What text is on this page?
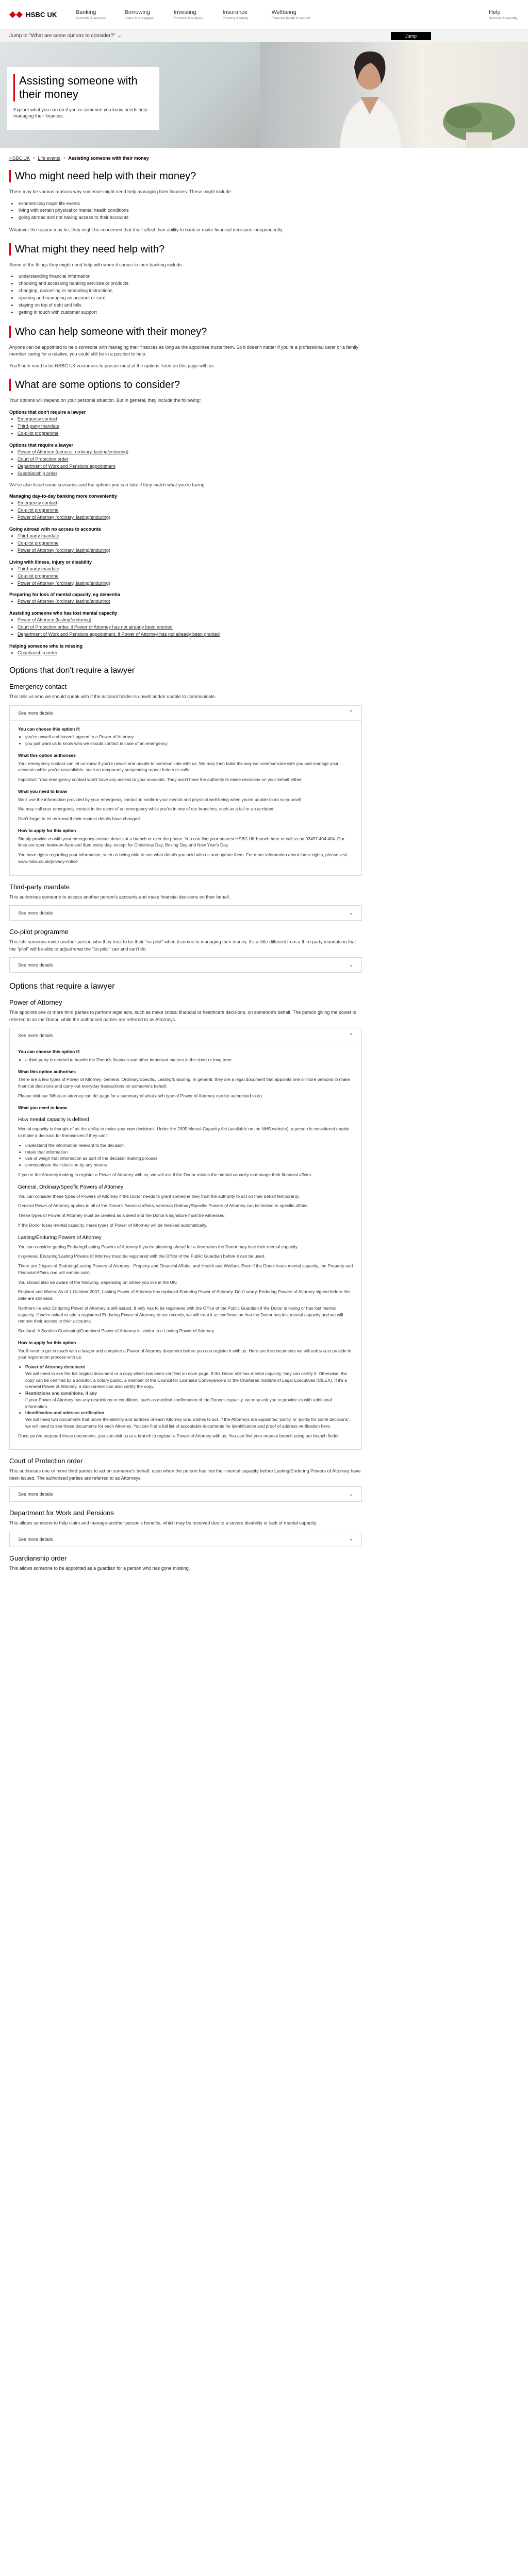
HSBC UK	Banking
Accounts & services
Borrowing
Loans & mortgages
Investing
Products & analysis
Insurance
Property & family
Wellbeing
Financial health & support
Help
Services & security
Jump to "What are some options to consider?" ⌄	Jump
Assisting someone with their money

Explore what you can do if you or someone you know needs help managing their finances.

HSBC UK › Life events › Assisting someone with their money
Who might need help with their money?

There may be various reasons why someone might need help managing their finances. These might include:

• experiencing major life events
• living with certain physical or mental health conditions
• going abroad and not having access to their accounts

Whatever the reason may be, they might be concerned that it will affect their ability to bank or make financial decisions independently.

What might they need help with?

Some of the things they might need help with when it comes to their banking include:

• understanding financial information
• choosing and accessing banking services or products
• changing, cancelling or amending instructions
• opening and managing an account or card
• staying on top of debt and bills
• getting in touch with customer support
Who can help someone with their money?

Anyone can be appointed to help someone with managing their finances as long as the appointee trusts them. So it doesn't matter if you're a professional carer or a family member caring for a relative, you could still be in a position to help.

You'll both need to be HSBC UK customers to pursue most of the options listed on this page with us.

What are some options to consider?

Your options will depend on your personal situation. But in general, they include the following:

Options that don't require a lawyer
• Emergency contact
• Third-party mandate
• Co-pilot programme
Options that require a lawyer
• Power of Attorney (general, ordinary, lasting/enduring)
• Court of Protection order
• Department of Work and Pensions appointment
• Guardianship order

We've also listed some scenarios and the options you can take if they match what you're facing:

Managing day-to-day banking more conveniently
• Emergency contact
• Co-pilot programme
• Power of Attorney (ordinary, lasting/enduring)
Going abroad with no access to accounts
• Third-party mandate
• Co-pilot programme
• Power of Attorney (ordinary, lasting/enduring)
Living with illness, injury or disability
• Third-party mandate
• Co-pilot programme
• Power of Attorney (ordinary, lasting/enduring)
Preparing for loss of mental capacity, eg dementia
• Power of Attorney (ordinary, lasting/enduring)
Assisting someone who has lost mental capacity
• Power of Attorney (lasting/enduring)
• Court of Protection order, if Power of Attorney has not already been granted
• Department of Work and Pensions appointment, if Power of Attorney has not already been granted
Helping someone who is missing
• Guardianship order
Options that don't require a lawyer
Emergency contact

This tells us who we should speak with if the account holder is unwell and/or unable to communicate.

See more details	⌃
You can choose this option if:
• you're unwell and haven't agreed to a Power of Attorney
• you just want us to know who we should contact in case of an emergency
What this option authorises

Your emergency contact can let us know if you're unwell and unable to communicate with us. We may then tailor the way we communicate with you and manage your accounts while you're unavailable, such as temporarily suspending repeat letters or calls.

Important: Your emergency contact won't have any access to your accounts. They won't have the authority to make decisions on your behalf either.

What you need to know

We'll use the information provided by your emergency contact to confirm your mental and physical well-being when you're unable to do so yourself.

We may call your emergency contact in the event of an emergency while you're in one of our branches, such as a fall or an accident.

Don't forget to let us know if their contact details have changed.

How to apply for this option

Simply provide us with your emergency contact details at a branch or over the phone. You can find your nearest HSBC UK branch here or call us on 03457 404 404. Our lines are open between 8am and 8pm every day, except for Christmas Day, Boxing Day and New Year's Day.

You have rights regarding your information, such as being able to see what details you hold with us and update them. For more information about these rights, please visit www.hsbc.co.uk/privacy-notice

Third-party mandate

This authorises someone to access another person's accounts and make financial decisions on their behalf.

See more details	⌄
Co-pilot programme

This lets someone invite another person who they trust to be their "co-pilot" when it comes to managing their money. It's a little different from a third-party mandate in that the "pilot" will be able to adjust what the "co-pilot" can and can't do.

See more details	⌄
Options that require a lawyer
Power of Attorney

This appoints one or more third parties to perform legal acts, such as make critical financial or healthcare decisions, on someone's behalf. The person giving the power is referred to as the Donor, while the authorised parties are referred to as Attorneys.

See more details	⌃
You can choose this option if:
• a third party is needed to handle the Donor's finances and other important matters in the short or long term
What this option authorises

There are a few types of Power of Attorney: General, Ordinary/Specific, Lasting/Enduring. In general, they are a legal document that appoints one or more persons to make financial decisions and carry out everyday transactions on someone's behalf.

Please visit our 'What an attorney can do' page for a summary of what each type of Power of Attorney can be authorised to do.

What you need to know
How mental capacity is defined

Mental capacity is thought of as the ability to make your own decisions. Under the 2005 Mental Capacity Act (available on the NHS website), a person is considered unable to make a decision for themselves if they can't:

• understand the information relevant to the decision
• retain that information
• use or weigh that information as part of the decision making process
• communicate their decision by any means

If you're the Attorney looking to register a Power of Attorney with us, we will ask if the Donor retains the mental capacity to manage their financial affairs.

General, Ordinary/Specific Powers of Attorney

You can consider these types of Powers of Attorney if the Donor needs to grant someone they trust the authority to act on their behalf temporarily.

General Power of Attorney applies to all of the Donor's financial affairs, whereas Ordinary/Specific Powers of Attorney can be limited to specific affairs.

These types of Power of Attorney must be created as a deed and the Donor's signature must be witnessed.

If the Donor loses mental capacity, these types of Power of Attorney will be revoked automatically.

Lasting/Enduring Powers of Attorney

You can consider getting Enduring/Lasting Powers of Attorney if you're planning ahead for a time when the Donor may lose their mental capacity.

In general, Enduring/Lasting Powers of Attorney must be registered with the Office of the Public Guardian before it can be used.

There are 2 types of Enduring/Lasting Powers of Attorney - Property and Financial Affairs, and Health and Welfare. Even if the Donor loses mental capacity, the Property and Financial Affairs one will remain valid.

You should also be aware of the following, depending on where you live in the UK:

England and Wales: As of 1 October 2007, Lasting Power of Attorney has replaced Enduring Power of Attorney. Don't worry, Enduring Powers of Attorney signed before this date are still valid.

Northern Ireland: Enduring Power of Attorney is still issued. It only has to be registered with the Office of the Public Guardian if the Donor is losing or has lost mental capacity. If we're asked to add a registered Enduring Power of Attorney to our records, we will treat it as confirmation that the Donor has lost mental capacity and we will remove their access to their accounts.

Scotland: A Scottish Continuing/Combined Power of Attorney is similar to a Lasting Power of Attorney.

How to apply for this option

You'll need to get in touch with a lawyer and complete a Power of Attorney document before you can register it with us. Here are the documents we will ask you to provide in your registration process with us:

• Power of Attorney document
We will need to see the full original document or a copy which has been certified on each page. If the Donor still has mental capacity, they can certify it. Otherwise, the copy can be certified by a solicitor, a notary public, a member of the Council for Licensed Conveyancers or the Chartered Institute of Legal Executives (CILEX). If it's a General Power of Attorney, a stockbroker can also certify the copy.
• Restrictions and conditions, if any
If your Power of Attorney has any restrictions or conditions, such as medical confirmation of the Donor's capacity, we may ask you to provide us with additional information.
• Identification and address verification
We will need two documents that prove the identity and address of each Attorney who wishes to act. If the Attorneys are appointed 'jointly' or 'jointly for some decisions', we will need to see these documents for each Attorney. You can find a full list of acceptable documents for identification and proof of address verification here.

Once you've prepared these documents, you can visit us at a branch to register a Power of Attorney with us. You can find your nearest branch using our branch finder.

Court of Protection order

This authorises one or more third parties to act on someone's behalf, even when the person has lost their mental capacity before Lasting/Enduring Powers of Attorney have been issued. The authorised parties are referred to as Attorneys.

See more details	⌄
Department for Work and Pensions

This allows someone to help claim and manage another person's benefits, which may be received due to a severe disability or lack of mental capacity.

See more details	⌄
Guardianship order

This allows someone to be appointed as a guardian for a person who has gone missing.
